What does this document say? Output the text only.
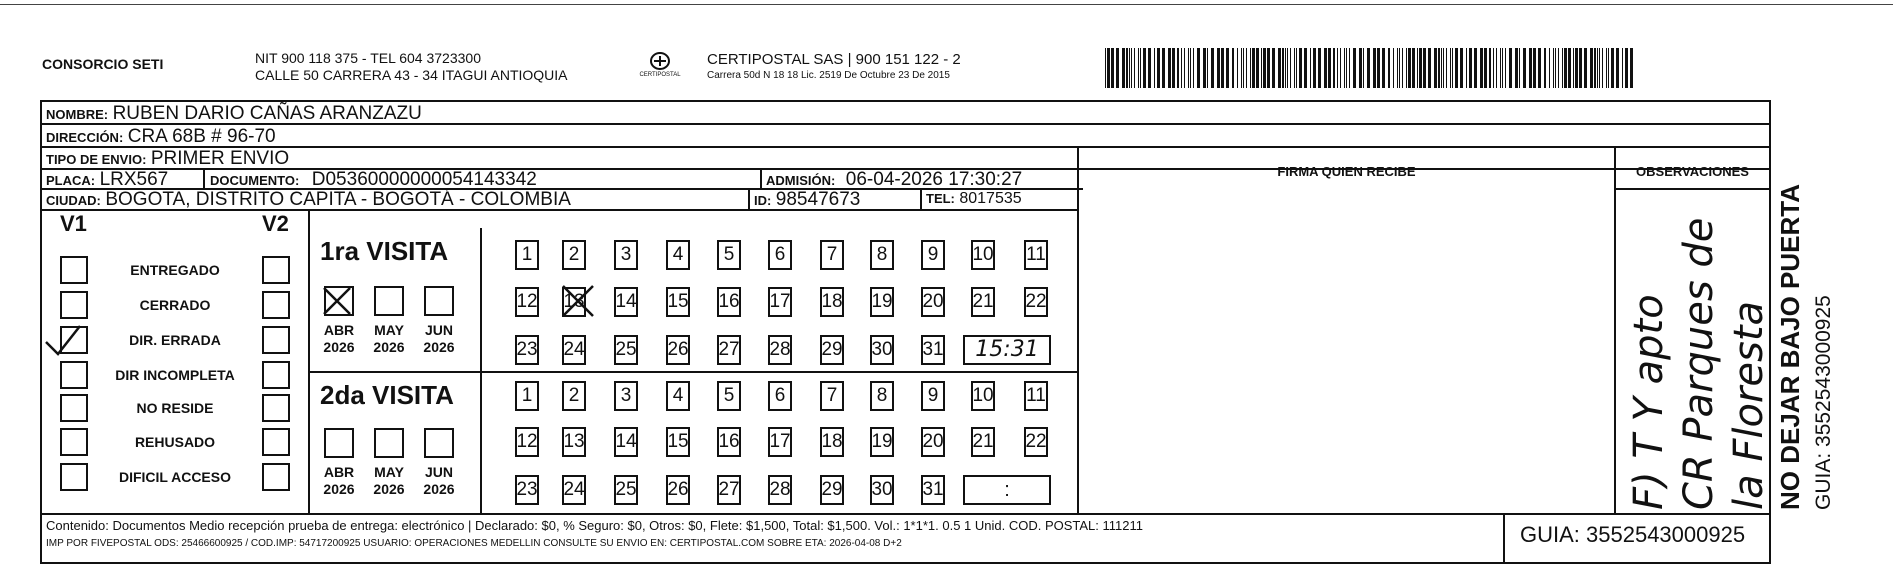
CONSORCIO SETI	NIT 900 118 375 - TEL 604 3723300
CALLE 50 CARRERA 43 - 34 ITAGUI ANTIOQUIA	CERTIPOSTAL
CERTIPOSTAL SAS | 900 151 122 - 2
Carrera 50d N 18 18 Lic. 2519 De Octubre 23 De 2015
NOMBRE: RUBEN DARIO CAÑAS ARANZAZU
DIRECCIÓN: CRA 68B # 96-70
TIPO DE ENVIO: PRIMER ENVIO
PLACA: LRX567	DOCUMENTO: D05360000000054143342	ADMISIÓN: 06-04-2026 17:30:27
CIUDAD: BOGOTA, DISTRITO CAPITA - BOGOTÁ - COLOMBIA	ID: 98547673	TEL: 8017535
FIRMA QUIEN RECIBE	OBSERVACIONES
V1	V2
ENTREGADO
CERRADO
DIR. ERRADA
DIR INCOMPLETA
NO RESIDE
REHUSADO
DIFICIL ACCESO
1ra VISITA
ABR
2026
MAY
2026
JUN
2026
1	2	3	4	5	6	7	8	9	10 11
12 13 14 15 16 17 18 19 20 21 22
23 24 25 26 27 28 29 30 31	15:31
2da VISITA
ABR
2026
MAY
2026
JUN
2026
1	2	3	4	5	6	7	8	9	10 11
12 13 14 15 16 17 18 19 20 21 22
23 24 25 26 27 28 29 30 31	:	F) T Y apto CR Parques de la Floresta NO DEJAR BAJO PUERTA GUIA: 3552543000925
Contenido: Documentos Medio recepción prueba de entrega: electrónico | Declarado: $0, % Seguro: $0, Otros: $0, Flete: $1,500, Total: $1,500. Vol.: 1*1*1. 0.5 1 Unid. COD. POSTAL: 111211
IMP POR FIVEPOSTAL ODS: 25466600925 / COD.IMP: 54717200925 USUARIO: OPERACIONES MEDELLIN CONSULTE SU ENVIO EN: CERTIPOSTAL.COM SOBRE ETA: 2026-04-08 D+2	GUIA: 3552543000925
